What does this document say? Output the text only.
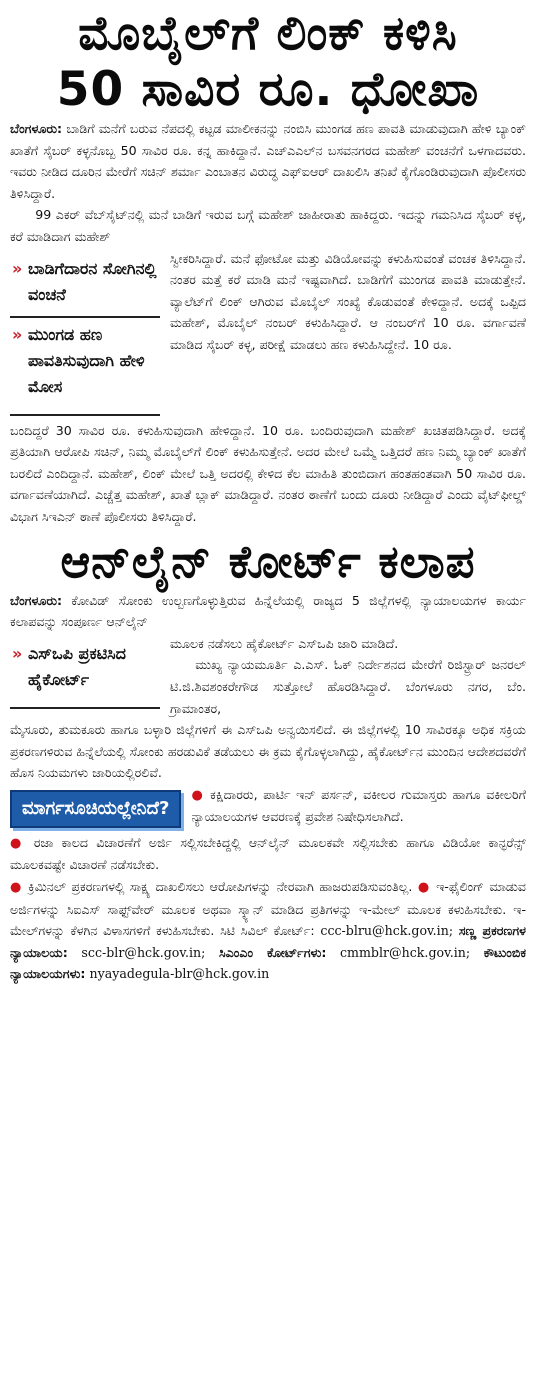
ಮೊಬೈಲ್‌ಗೆ ಲಿಂಕ್ ಕಳಿಸಿ
50 ಸಾವಿರ ರೂ. ಧೋಖಾ

ಬೆಂಗಳೂರು: ಬಾಡಿಗೆ ಮನೆಗೆ ಬರುವ ನೆಪದಲ್ಲಿ ಕಟ್ಟಡ ಮಾಲೀಕನನ್ನು ನಂಬಿಸಿ ಮುಂಗಡ ಹಣ ಪಾವತಿ ಮಾಡುವುದಾಗಿ ಹೇಳಿ ಬ್ಯಾಂಕ್ ಖಾತೆಗೆ ಸೈಬರ್ ಕಳ್ಳನೊಬ್ಬ 50 ಸಾವಿರ ರೂ. ಕನ್ನ ಹಾಕಿದ್ದಾನೆ. ಎಚ್‌ಎಎಲ್‌ನ ಬಸವನಗರದ ಮಹೇಶ್ ವಂಚನೆಗೆ ಒಳಗಾದವರು. ಇವರು ನೀಡಿದ ದೂರಿನ ಮೇರೆಗೆ ಸಚಿನ್ ಶರ್ಮಾ ಎಂಬಾತನ ವಿರುದ್ಧ ಎಫ್‌ಐಆರ್ ದಾಖಲಿಸಿ ತನಿಖೆ ಕೈಗೊಂಡಿರುವುದಾಗಿ ಪೊಲೀಸರು ತಿಳಿಸಿದ್ದಾರೆ.

99 ಎಕರ್ ವೆಬ್‌ಸೈಟ್‌ನಲ್ಲಿ ಮನೆ ಬಾಡಿಗೆ ಇರುವ ಬಗ್ಗೆ ಮಹೇಶ್ ಜಾಹೀರಾತು ಹಾಕಿದ್ದರು. ಇದನ್ನು ಗಮನಿಸಿದ ಸೈಬರ್ ಕಳ್ಳ, ಕರೆ ಮಾಡಿದಾಗ ಮಹೇಶ್

» ಬಾಡಿಗೆದಾರನ ಸೋಗಿನಲ್ಲಿ ವಂಚನೆ
» ಮುಂಗಡ ಹಣ ಪಾವತಿಸುವುದಾಗಿ ಹೇಳಿ ಮೋಸ

ಸ್ವೀಕರಿಸಿದ್ದಾರೆ. ಮನೆ ಫೋಟೋ ಮತ್ತು ವಿಡಿಯೋವನ್ನು ಕಳುಹಿಸುವಂತೆ ವಂಚಕ ತಿಳಿಸಿದ್ದಾನೆ. ನಂತರ ಮತ್ತೆ ಕರೆ ಮಾಡಿ ಮನೆ ಇಷ್ಟವಾಗಿದೆ. ಬಾಡಿಗೆಗೆ ಮುಂಗಡ ಪಾವತಿ ಮಾಡುತ್ತೇನೆ. ವ್ಯಾಲೆಟ್‌ಗೆ ಲಿಂಕ್ ಆಗಿರುವ ಮೊಬೈಲ್ ಸಂಖ್ಯೆ ಕೊಡುವಂತೆ ಕೇಳಿದ್ದಾನೆ. ಅದಕ್ಕೆ ಒಪ್ಪಿದ ಮಹೇಶ್, ಮೊಬೈಲ್ ನಂಬರ್ ಕಳುಹಿಸಿದ್ದಾರೆ. ಆ ನಂಬರ್‌ಗೆ 10 ರೂ. ವರ್ಗಾವಣೆ ಮಾಡಿದ ಸೈಬರ್ ಕಳ್ಳ, ಪರೀಕ್ಷೆ ಮಾಡಲು ಹಣ ಕಳುಹಿಸಿದ್ದೇನೆ. 10 ರೂ.

ಬಂದಿದ್ದರೆ 30 ಸಾವಿರ ರೂ. ಕಳುಹಿಸುವುದಾಗಿ ಹೇಳಿದ್ದಾನೆ. 10 ರೂ. ಬಂದಿರುವುದಾಗಿ ಮಹೇಶ್ ಖಚಿತಪಡಿಸಿದ್ದಾರೆ. ಅದಕ್ಕೆ ಪ್ರತಿಯಾಗಿ ಆರೋಪಿ ಸಚಿನ್, ನಿಮ್ಮ ಮೊಬೈಲ್‌ಗೆ ಲಿಂಕ್ ಕಳುಹಿಸುತ್ತೇನೆ. ಅದರ ಮೇಲೆ ಒಮ್ಮೆ ಒತ್ತಿದರೆ ಹಣ ನಿಮ್ಮ ಬ್ಯಾಂಕ್ ಖಾತೆಗೆ ಬರಲಿದೆ ಎಂದಿದ್ದಾನೆ. ಮಹೇಶ್, ಲಿಂಕ್ ಮೇಲೆ ಒತ್ತಿ ಅದರಲ್ಲಿ ಕೇಳಿದ ಕೆಲ ಮಾಹಿತಿ ತುಂಬಿದಾಗ ಹಂತಹಂತವಾಗಿ 50 ಸಾವಿರ ರೂ. ವರ್ಗಾವಣೆಯಾಗಿದೆ. ಎಚ್ಚೆತ್ತ ಮಹೇಶ್, ಖಾತೆ ಬ್ಲಾಕ್ ಮಾಡಿದ್ದಾರೆ. ನಂತರ ಠಾಣೆಗೆ ಬಂದು ದೂರು ನೀಡಿದ್ದಾರೆ ಎಂದು ವೈಟ್‌ಫೀಲ್ಡ್ ವಿಭಾಗ ಸಿಇಎನ್ ಠಾಣೆ ಪೊಲೀಸರು ತಿಳಿಸಿದ್ದಾರೆ.

ಆನ್‌ಲೈನ್ ಕೋರ್ಟ್ ಕಲಾಪ

ಬೆಂಗಳೂರು: ಕೋವಿಡ್ ಸೋಂಕು ಉಲ್ಬಣಗೊಳ್ಳುತ್ತಿರುವ ಹಿನ್ನೆಲೆಯಲ್ಲಿ ರಾಜ್ಯದ 5 ಜಿಲ್ಲೆಗಳಲ್ಲಿ ನ್ಯಾಯಾಲಯಗಳ ಕಾರ್ಯ ಕಲಾಪವನ್ನು ಸಂಪೂರ್ಣ ಆನ್‌ಲೈನ್

» ಎಸ್‌ಒಪಿ ಪ್ರಕಟಿಸಿದ ಹೈಕೋರ್ಟ್

ಮೂಲಕ ನಡೆಸಲು ಹೈಕೋರ್ಟ್ ಎಸ್‌ಒಪಿ ಜಾರಿ ಮಾಡಿದೆ.

ಮುಖ್ಯ ನ್ಯಾಯಮೂರ್ತಿ ಎ.ಎಸ್. ಓಕ್ ನಿರ್ದೇಶನದ ಮೇರೆಗೆ ರಿಜಿಸ್ಟ್ರಾರ್ ಜನರಲ್ ಟಿ.ಜಿ.ಶಿವಶಂಕರೇಗೌಡ ಸುತ್ತೋಲೆ ಹೊರಡಿಸಿದ್ದಾರೆ. ಬೆಂಗಳೂರು ನಗರ, ಬೆಂ. ಗ್ರಾಮಾಂತರ,

ಮೈಸೂರು, ತುಮಕೂರು ಹಾಗೂ ಬಳ್ಳಾರಿ ಜಿಲ್ಲೆಗಳಿಗೆ ಈ ಎಸ್‌ಒಪಿ ಅನ್ವಯಿಸಲಿದೆ. ಈ ಜಿಲ್ಲೆಗಳಲ್ಲಿ 10 ಸಾವಿರಕ್ಕೂ ಅಧಿಕ ಸಕ್ರಿಯ ಪ್ರಕರಣಗಳಿರುವ ಹಿನ್ನೆಲೆಯಲ್ಲಿ ಸೋಂಕು ಹರಡುವಿಕೆ ತಡೆಯಲು ಈ ಕ್ರಮ ಕೈಗೊಳ್ಳಲಾಗಿದ್ದು, ಹೈಕೋರ್ಟ್‌ನ ಮುಂದಿನ ಆದೇಶದವರೆಗೆ ಹೊಸ ನಿಯಮಗಳು ಜಾರಿಯಲ್ಲಿರಲಿವೆ.

ಮಾರ್ಗಸೂಚಿಯಲ್ಲೇನಿದೆ?

● ಕಕ್ಷಿದಾರರು, ಪಾರ್ಟಿ ಇನ್ ಪರ್ಸನ್, ವಕೀಲರ ಗುಮಾಸ್ತರು ಹಾಗೂ ವಕೀಲರಿಗೆ ನ್ಯಾಯಾಲಯಗಳ ಆವರಣಕ್ಕೆ ಪ್ರವೇಶ ನಿಷೇಧಿಸಲಾಗಿದೆ.

● ರಜಾ ಕಾಲದ ವಿಚಾರಣೆಗೆ ಅರ್ಜಿ ಸಲ್ಲಿಸಬೇಕಿದ್ದಲ್ಲಿ ಆನ್‌ಲೈನ್ ಮೂಲಕವೇ ಸಲ್ಲಿಸಬೇಕು ಹಾಗೂ ವಿಡಿಯೋ ಕಾನ್ಫರೆನ್ಸ್ ಮೂಲಕವಷ್ಟೇ ವಿಚಾರಣೆ ನಡೆಸಬೇಕು.

● ಕ್ರಿಮಿನಲ್ ಪ್ರಕರಣಗಳಲ್ಲಿ ಸಾಕ್ಷ್ಯ ದಾಖಲಿಸಲು ಆರೋಪಿಗಳನ್ನು ನೇರವಾಗಿ ಹಾಜರುಪಡಿಸುವಂತಿಲ್ಲ. ● ಇ-ಫೈಲಿಂಗ್ ಮಾಡುವ ಅರ್ಜಿಗಳನ್ನು ಸಿಐಎಸ್ ಸಾಫ್ಟ್‌ವೇರ್ ಮೂಲಕ ಅಥವಾ ಸ್ಕ್ಯಾನ್ ಮಾಡಿದ ಪ್ರತಿಗಳನ್ನು ಇ-ಮೇಲ್ ಮೂಲಕ ಕಳುಹಿಸಬೇಕು. ಇ-ಮೇಲ್‌ಗಳನ್ನು ಕೆಳಗಿನ ವಿಳಾಸಗಳಿಗೆ ಕಳುಹಿಸಬೇಕು. ಸಿಟಿ ಸಿವಿಲ್ ಕೋರ್ಟ್: ccc-blru@hck.gov.in; ಸಣ್ಣ ಪ್ರಕರಣಗಳ ನ್ಯಾಯಾಲಯ: scc-blr@hck.gov.in; ಸಿಎಂಎಂ ಕೋರ್ಟ್‌ಗಳು: cmmblr@hck.gov.in; ಕೌಟುಂಬಿಕ ನ್ಯಾಯಾಲಯಗಳು: nyayadegula-blr@hck.gov.in
